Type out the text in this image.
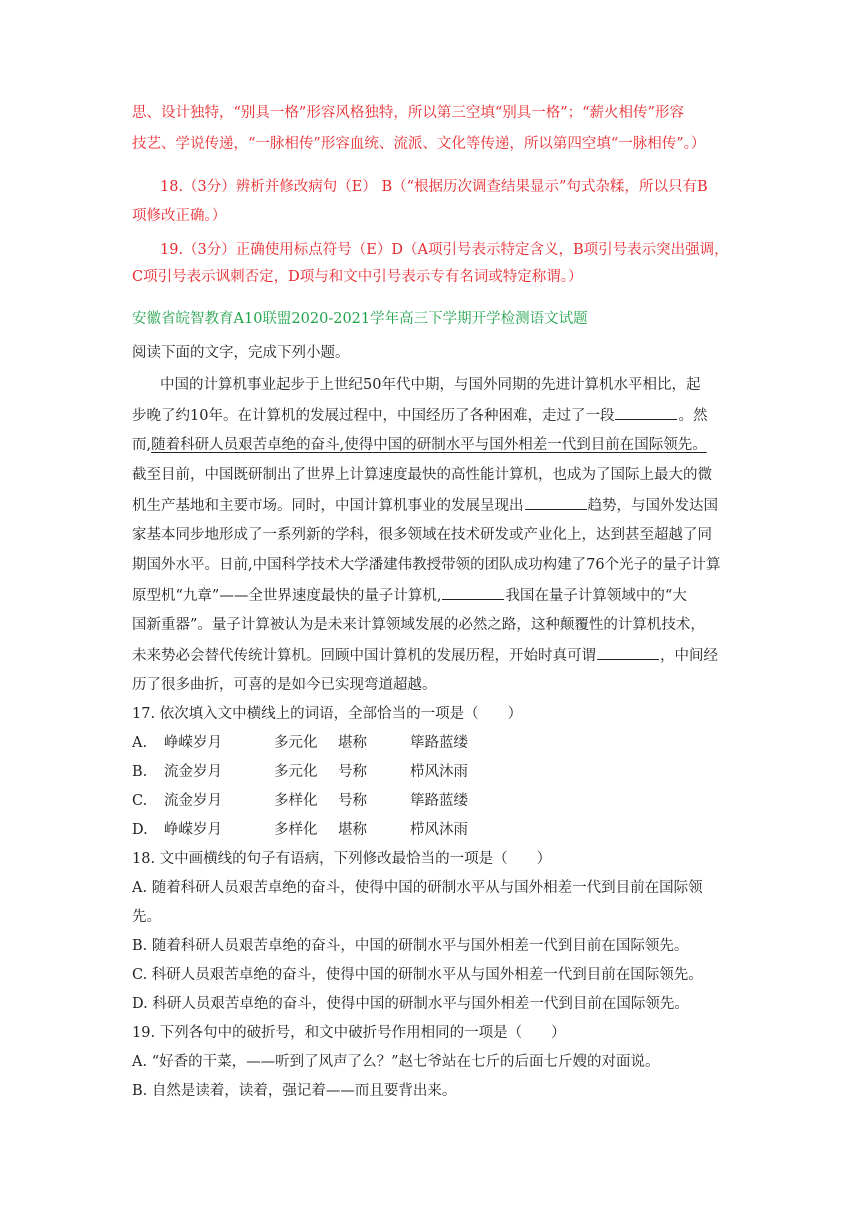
思、设计独特，“别具一格”形容风格独特，所以第三空填“别具一格”；“薪火相传”形容
技艺、学说传递，“一脉相传”形容血统、流派、文化等传递，所以第四空填“一脉相传”。）
18.（3分）辨析并修改病句（E） B（“根据历次调查结果显示”句式杂糅，所以只有B
项修改正确。）
19.（3分）正确使用标点符号（E）D（A项引号表示特定含义，B项引号表示突出强调，
C项引号表示讽刺否定，D项与和文中引号表示专有名词或特定称谓。）
安徽省皖智教育A10联盟2020-2021学年高三下学期开学检测语文试题
阅读下面的文字，完成下列小题。
中国的计算机事业起步于上世纪50年代中期，与国外同期的先进计算机水平相比，起
步晚了约10年。在计算机的发展过程中，中国经历了各种困难，走过了一段	。然
而,随着科研人员艰苦卓绝的奋斗,使得中国的研制水平与国外相差一代到目前在国际领先。
截至目前，中国既研制出了世界上计算速度最快的高性能计算机，也成为了国际上最大的微
机生产基地和主要市场。同时，中国计算机事业的发展呈现出	趋势，与国外发达国
家基本同步地形成了一系列新的学科，很多领域在技术研发或产业化上，达到甚至超越了同
期国外水平。日前,中国科学技术大学潘建伟教授带领的团队成功构建了76个光子的量子计算
原型机“九章”——全世界速度最快的量子计算机,	我国在量子计算领域中的“大
国新重器”。量子计算被认为是未来计算领域发展的必然之路，这种颠覆性的计算机技术，
未来势必会替代传统计算机。回顾中国计算机的发展历程，开始时真可谓	，中间经
历了很多曲折，可喜的是如今已实现弯道超越。
17. 依次填入文中横线上的词语，全部恰当的一项是（　　）
A. 峥嵘岁月	多元化 堪称	筚路蓝缕
B. 流金岁月	多元化 号称	栉风沐雨
C. 流金岁月	多样化 号称	筚路蓝缕
D. 峥嵘岁月	多样化 堪称	栉风沐雨
18. 文中画横线的句子有语病，下列修改最恰当的一项是（　　）
A. 随着科研人员艰苦卓绝的奋斗，使得中国的研制水平从与国外相差一代到目前在国际领
先。
B. 随着科研人员艰苦卓绝的奋斗，中国的研制水平与国外相差一代到目前在国际领先。
C. 科研人员艰苦卓绝的奋斗，使得中国的研制水平从与国外相差一代到目前在国际领先。
D. 科研人员艰苦卓绝的奋斗，使得中国的研制水平与国外相差一代到目前在国际领先。
19. 下列各句中的破折号，和文中破折号作用相同的一项是（　　）
A. “好香的干菜，——听到了风声了么？”赵七爷站在七斤的后面七斤嫂的对面说。
B. 自然是读着，读着，强记着——而且要背出来。
